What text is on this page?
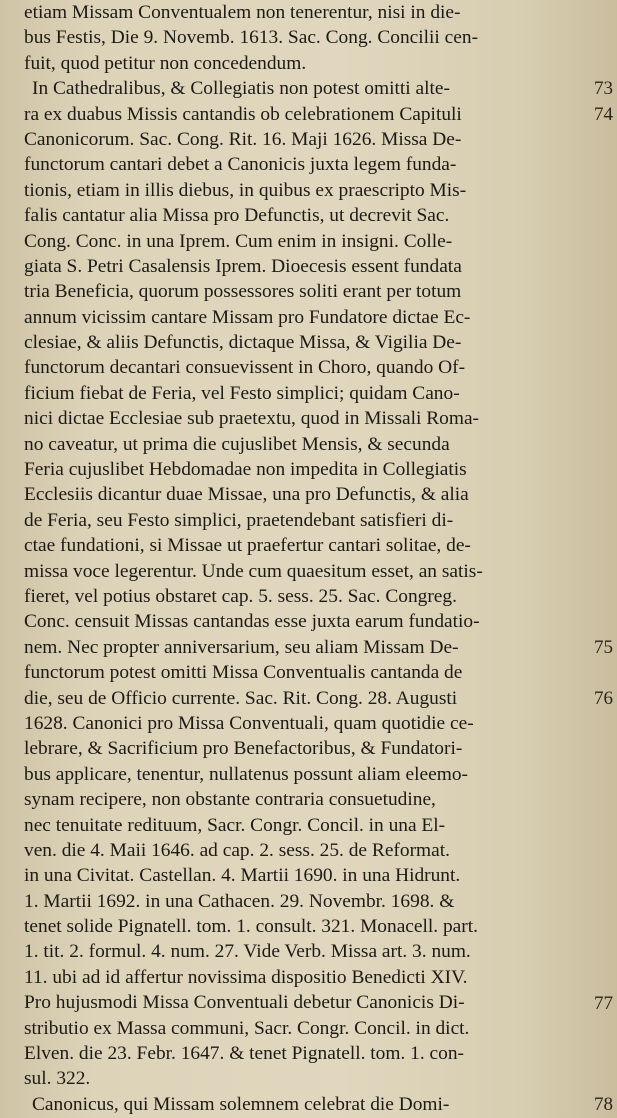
etiam Missam Conventualem non tenerentur, nisi in die-
bus Festis, Die 9. Novemb. 1613. Sac. Cong. Concilii cen-
fuit, quod petitur non concedendum.
In Cathedralibus, & Collegiatis non potest omitti alte-
ra ex duabus Missis cantandis ob celebrationem Capituli
Canonicorum. Sac. Cong. Rit. 16. Maji 1626. Missa De-
functorum cantari debet a Canonicis juxta legem funda-
tionis, etiam in illis diebus, in quibus ex praescripto Mis-
falis cantatur alia Missa pro Defunctis, ut decrevit Sac.
Cong. Conc. in una Iprem. Cum enim in insigni. Colle-
giata S. Petri Casalensis Iprem. Dioecesis essent fundata
tria Beneficia, quorum possessores soliti erant per totum
annum vicissim cantare Missam pro Fundatore dictae Ec-
clesiae, & aliis Defunctis, dictaque Missa, & Vigilia De-
functorum decantari consuevissent in Choro, quando Of-
ficium fiebat de Feria, vel Festo simplici; quidam Cano-
nici dictae Ecclesiae sub praetextu, quod in Missali Roma-
no caveatur, ut prima die cujuslibet Mensis, & secunda
Feria cujuslibet Hebdomadae non impedita in Collegiatis
Ecclesiis dicantur duae Missae, una pro Defunctis, & alia
de Feria, seu Festo simplici, praetendebant satisfieri di-
ctae fundationi, si Missae ut praefertur cantari solitae, de-
missa voce legerentur. Unde cum quaesitum esset, an satis-
fieret, vel potius obstaret cap. 5. sess. 25. Sac. Congreg.
Conc. censuit Missas cantandas esse juxta earum fundatio-
nem. Nec propter anniversarium, seu aliam Missam De-
functorum potest omitti Missa Conventualis cantanda de
die, seu de Officio currente. Sac. Rit. Cong. 28. Augusti
1628. Canonici pro Missa Conventuali, quam quotidie ce-
lebrare, & Sacrificium pro Benefactoribus, & Fundatori-
bus applicare, tenentur, nullatenus possunt aliam eleemo-
synam recipere, non obstante contraria consuetudine,
nec tenuitate redituum, Sacr. Congr. Concil. in una El-
ven. die 4. Maii 1646. ad cap. 2. sess. 25. de Reformat.
in una Civitat. Castellan. 4. Martii 1690. in una Hidrunt.
1. Martii 1692. in una Cathacen. 29. Novembr. 1698. &
tenet solide Pignatell. tom. 1. consult. 321. Monacell. part.
1. tit. 2. formul. 4. num. 27. Vide Verb. Missa art. 3. num.
11. ubi ad id affertur novissima dispositio Benedicti XIV.
Pro hujusmodi Missa Conventuali debetur Canonicis Di-
stributio ex Massa communi, Sacr. Congr. Concil. in dict.
Elven. die 23. Febr. 1647. & tenet Pignatell. tom. 1. con-
sul. 322.
Canonicus, qui Missam solemnem celebrat die Domi-
73
74
75
76
77
78
